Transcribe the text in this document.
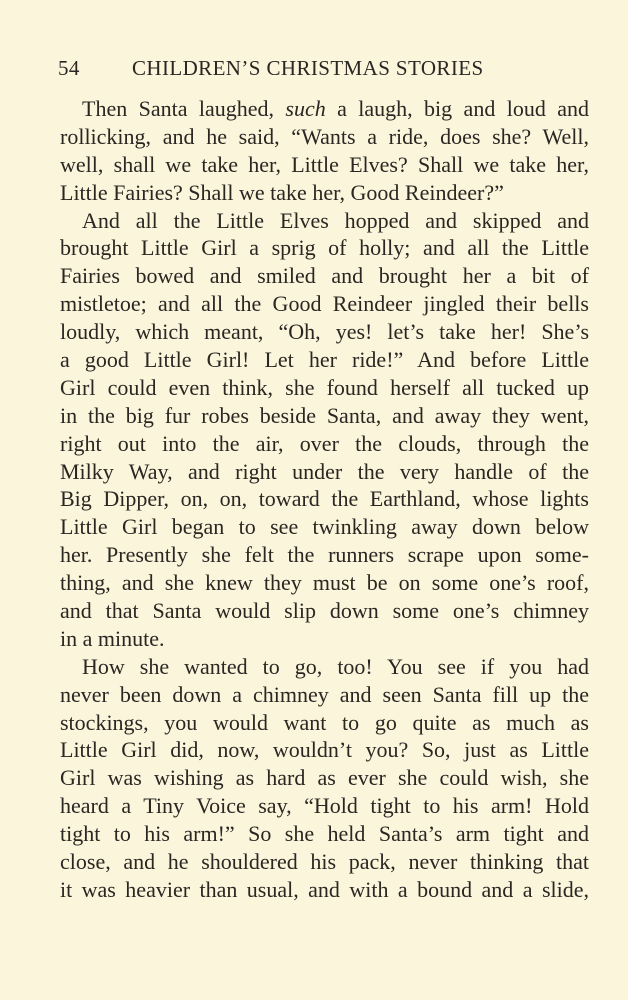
54 CHILDREN’S CHRISTMAS STORIES
Then Santa laughed, such a laugh, big and loud and
rollicking, and he said, “Wants a ride, does she? Well,
well, shall we take her, Little Elves? Shall we take her,
Little Fairies? Shall we take her, Good Reindeer?”
And all the Little Elves hopped and skipped and
brought Little Girl a sprig of holly; and all the Little
Fairies bowed and smiled and brought her a bit of
mistletoe; and all the Good Reindeer jingled their bells
loudly, which meant, “Oh, yes! let’s take her! She’s
a good Little Girl! Let her ride!” And before Little
Girl could even think, she found herself all tucked up
in the big fur robes beside Santa, and away they went,
right out into the air, over the clouds, through the
Milky Way, and right under the very handle of the
Big Dipper, on, on, toward the Earthland, whose lights
Little Girl began to see twinkling away down below
her. Presently she felt the runners scrape upon some-
thing, and she knew they must be on some one’s roof,
and that Santa would slip down some one’s chimney
in a minute.
How she wanted to go, too! You see if you had
never been down a chimney and seen Santa fill up the
stockings, you would want to go quite as much as
Little Girl did, now, wouldn’t you? So, just as Little
Girl was wishing as hard as ever she could wish, she
heard a Tiny Voice say, “Hold tight to his arm! Hold
tight to his arm!” So she held Santa’s arm tight and
close, and he shouldered his pack, never thinking that
it was heavier than usual, and with a bound and a slide,
